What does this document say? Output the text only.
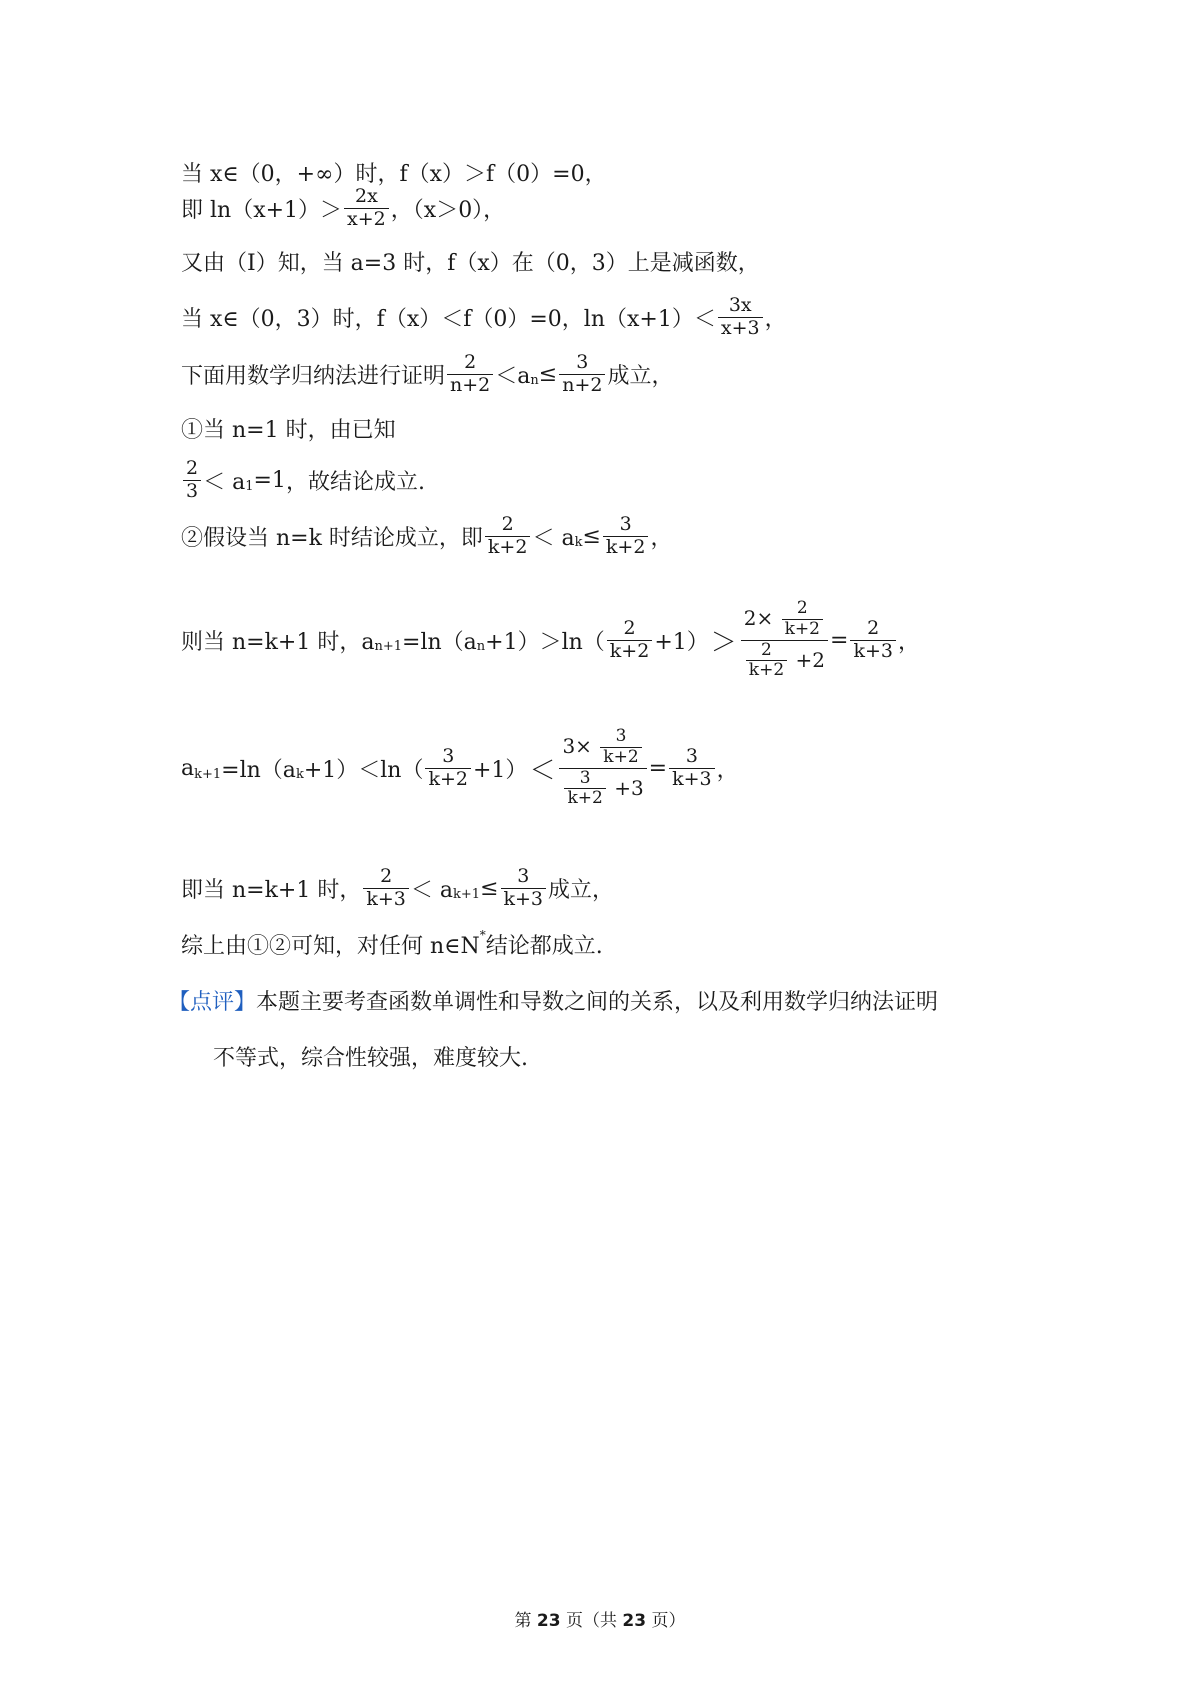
当 x∈（0，+∞）时，f（x）＞f（0）=0，
即 $\ln(x+1)> \frac{2x}{x+2}$ ，（x＞0），
又由（Ⅰ）知，当 a=3 时，f（x）在（0，3）上是减函数，
当 x∈（0，3）时，f（x）＜f（0）=0，$\ln(x+1)< \frac{3x}{x+3}$ ，
下面用数学归纳法进行证明 $\frac{2}{n+2} <a$ $n \le \frac{3}{n+2}$ 成立，
①当 n=1 时，由已知
$\frac{2}{3} < a$ 1 =1 ，故结论成立.
②假设当 n=k 时结论成立，即 $\frac{2}{k+2} < a$ $k \le \frac{3}{k+2}$ ，
则当 n=k+1 时，a n+1 =ln（a $n +1)>\ln( \frac{2}{k+2} +1) > \frac{2\times \frac{2}{k+2}}{\frac{2}{k+2} +2} = \frac{2}{k+3}$ ，
a k+1 =ln（a $k +1)<\ln( \frac{3}{k+2} +1) < \frac{3\times \frac{3}{k+2}}{\frac{3}{k+2} +3} = \frac{3}{k+3}$ ，
即当 n=k+1 时， $\frac{2}{k+3} < a$ $k+1 \le \frac{3}{k+3}$ 成立，
综上由①②可知，对任何 n∈N * 结论都成立.
【点评】 本题主要考查函数单调性和导数之间的关系，以及利用数学归纳法证明
不等式，综合性较强，难度较大.
第 23 页（共 23 页）
